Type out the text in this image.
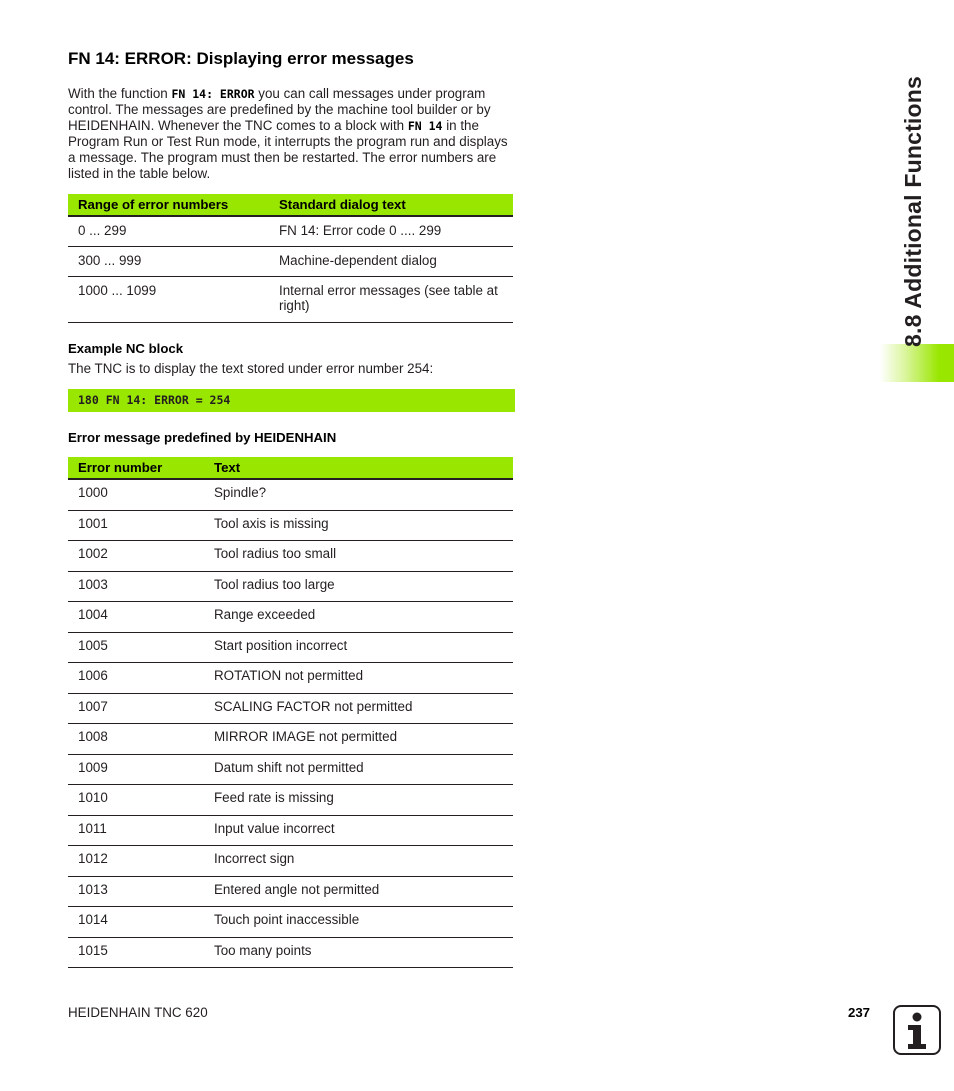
FN 14: ERROR: Displaying error messages
With the function FN 14: ERROR you can call messages under program control. The messages are predefined by the machine tool builder or by HEIDENHAIN. Whenever the TNC comes to a block with FN 14 in the Program Run or Test Run mode, it interrupts the program run and displays a message. The program must then be restarted. The error numbers are listed in the table below.
Range of error numbers	Standard dialog text
0 ... 299	FN 14: Error code 0 .... 299
300 ... 999	Machine-dependent dialog
1000 ... 1099	Internal error messages (see table at right)
Example NC block
The TNC is to display the text stored under error number 254:
180 FN 14: ERROR = 254
Error message predefined by HEIDENHAIN
Error number	Text
1000	Spindle?
1001	Tool axis is missing
1002	Tool radius too small
1003	Tool radius too large
1004	Range exceeded
1005	Start position incorrect
1006	ROTATION not permitted
1007	SCALING FACTOR not permitted
1008	MIRROR IMAGE not permitted
1009	Datum shift not permitted
1010	Feed rate is missing
1011	Input value incorrect
1012	Incorrect sign
1013	Entered angle not permitted
1014	Touch point inaccessible
1015	Too many points
8.8 Additional Functions
HEIDENHAIN TNC 620	237
